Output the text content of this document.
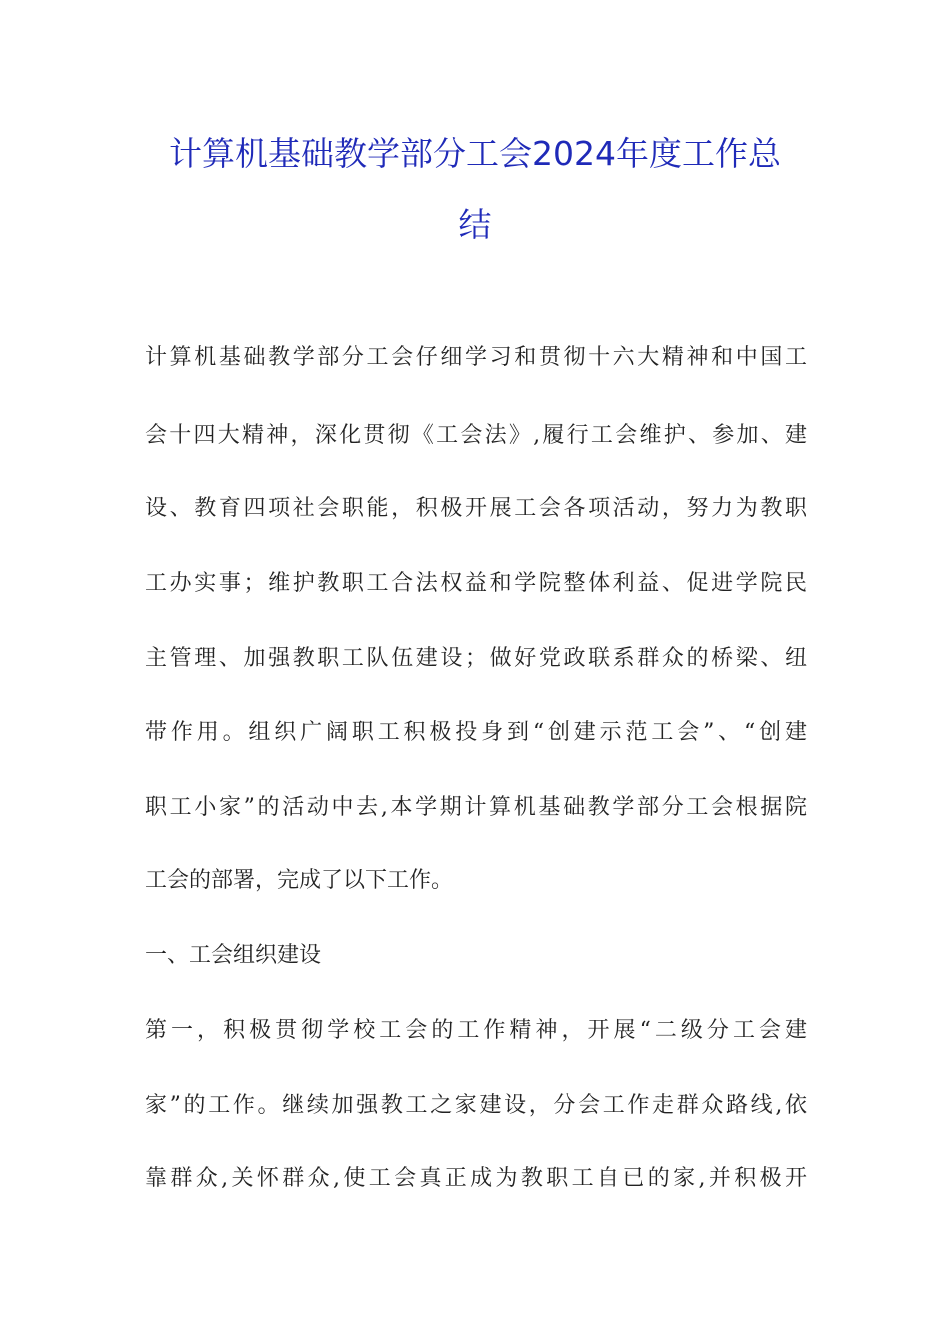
计算机基础教学部分工会2024年度工作总
结
计算机基础教学部分工会仔细学习和贯彻十六大精神和中国工
会十四大精神，深化贯彻《工会法》,履行工会维护、参加、建
设、教育四项社会职能，积极开展工会各项活动，努力为教职
工办实事；维护教职工合法权益和学院整体利益、促进学院民
主管理、加强教职工队伍建设；做好党政联系群众的桥梁、纽
带作用。组织广阔职工积极投身到“创建示范工会”、“创建
职工小家”的活动中去,本学期计算机基础教学部分工会根据院
工会的部署，完成了以下工作。
一、工会组织建设
第一，积极贯彻学校工会的工作精神，开展“二级分工会建
家”的工作。继续加强教工之家建设，分会工作走群众路线,依
靠群众,关怀群众,使工会真正成为教职工自已的家,并积极开
